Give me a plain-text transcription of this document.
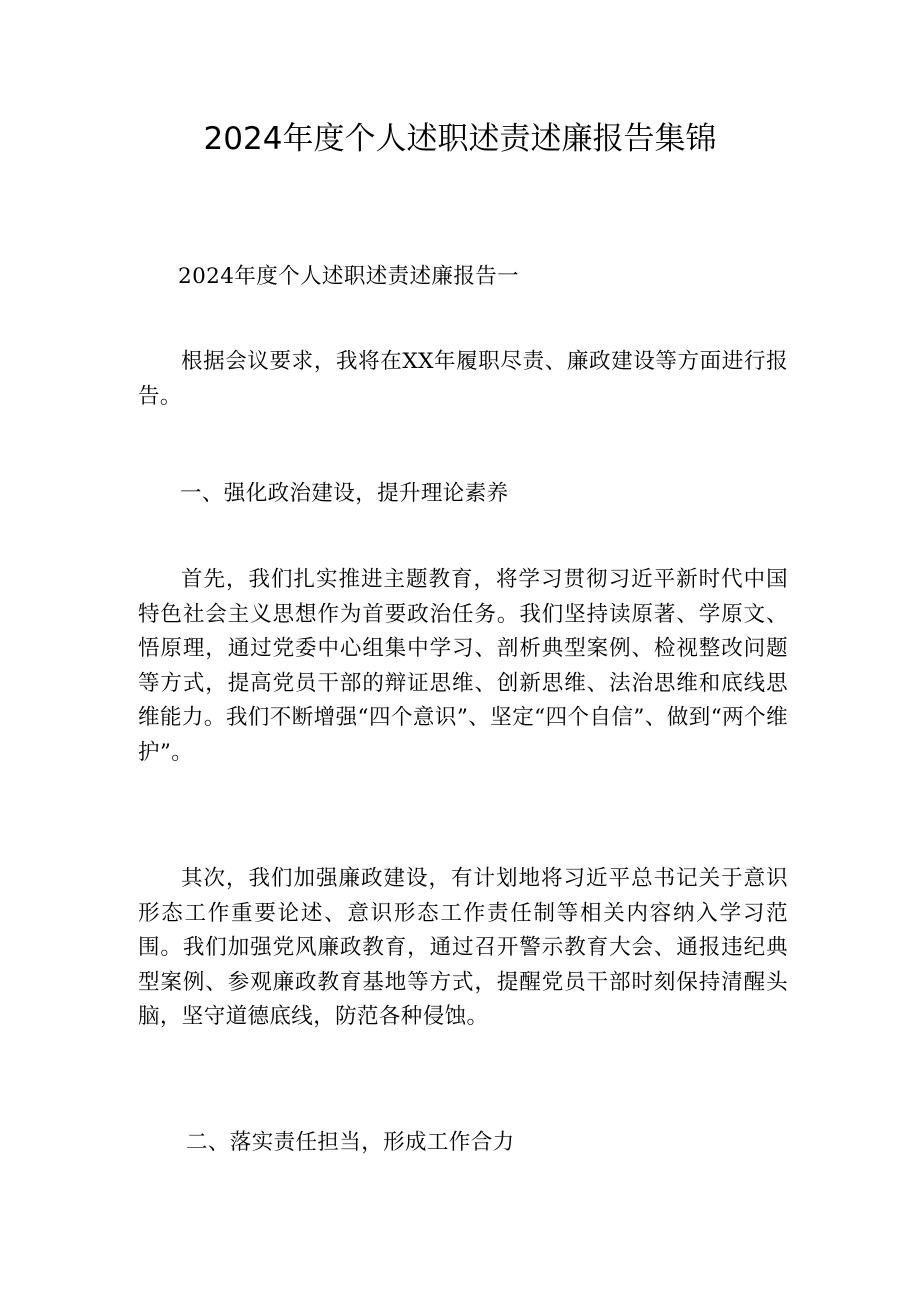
2024年度个人述职述责述廉报告集锦

2024年度个人述职述责述廉报告一

根据会议要求，我将在XX年履职尽责、廉政建设等方面进行报告。

一、强化政治建设，提升理论素养

首先，我们扎实推进主题教育，将学习贯彻习近平新时代中国特色社会主义思想作为首要政治任务。我们坚持读原著、学原文、悟原理，通过党委中心组集中学习、剖析典型案例、检视整改问题等方式，提高党员干部的辩证思维、创新思维、法治思维和底线思维能力。我们不断增强“四个意识”、坚定“四个自信”、做到“两个维护”。

其次，我们加强廉政建设，有计划地将习近平总书记关于意识形态工作重要论述、意识形态工作责任制等相关内容纳入学习范围。我们加强党风廉政教育，通过召开警示教育大会、通报违纪典型案例、参观廉政教育基地等方式，提醒党员干部时刻保持清醒头脑，坚守道德底线，防范各种侵蚀。

二、落实责任担当，形成工作合力
